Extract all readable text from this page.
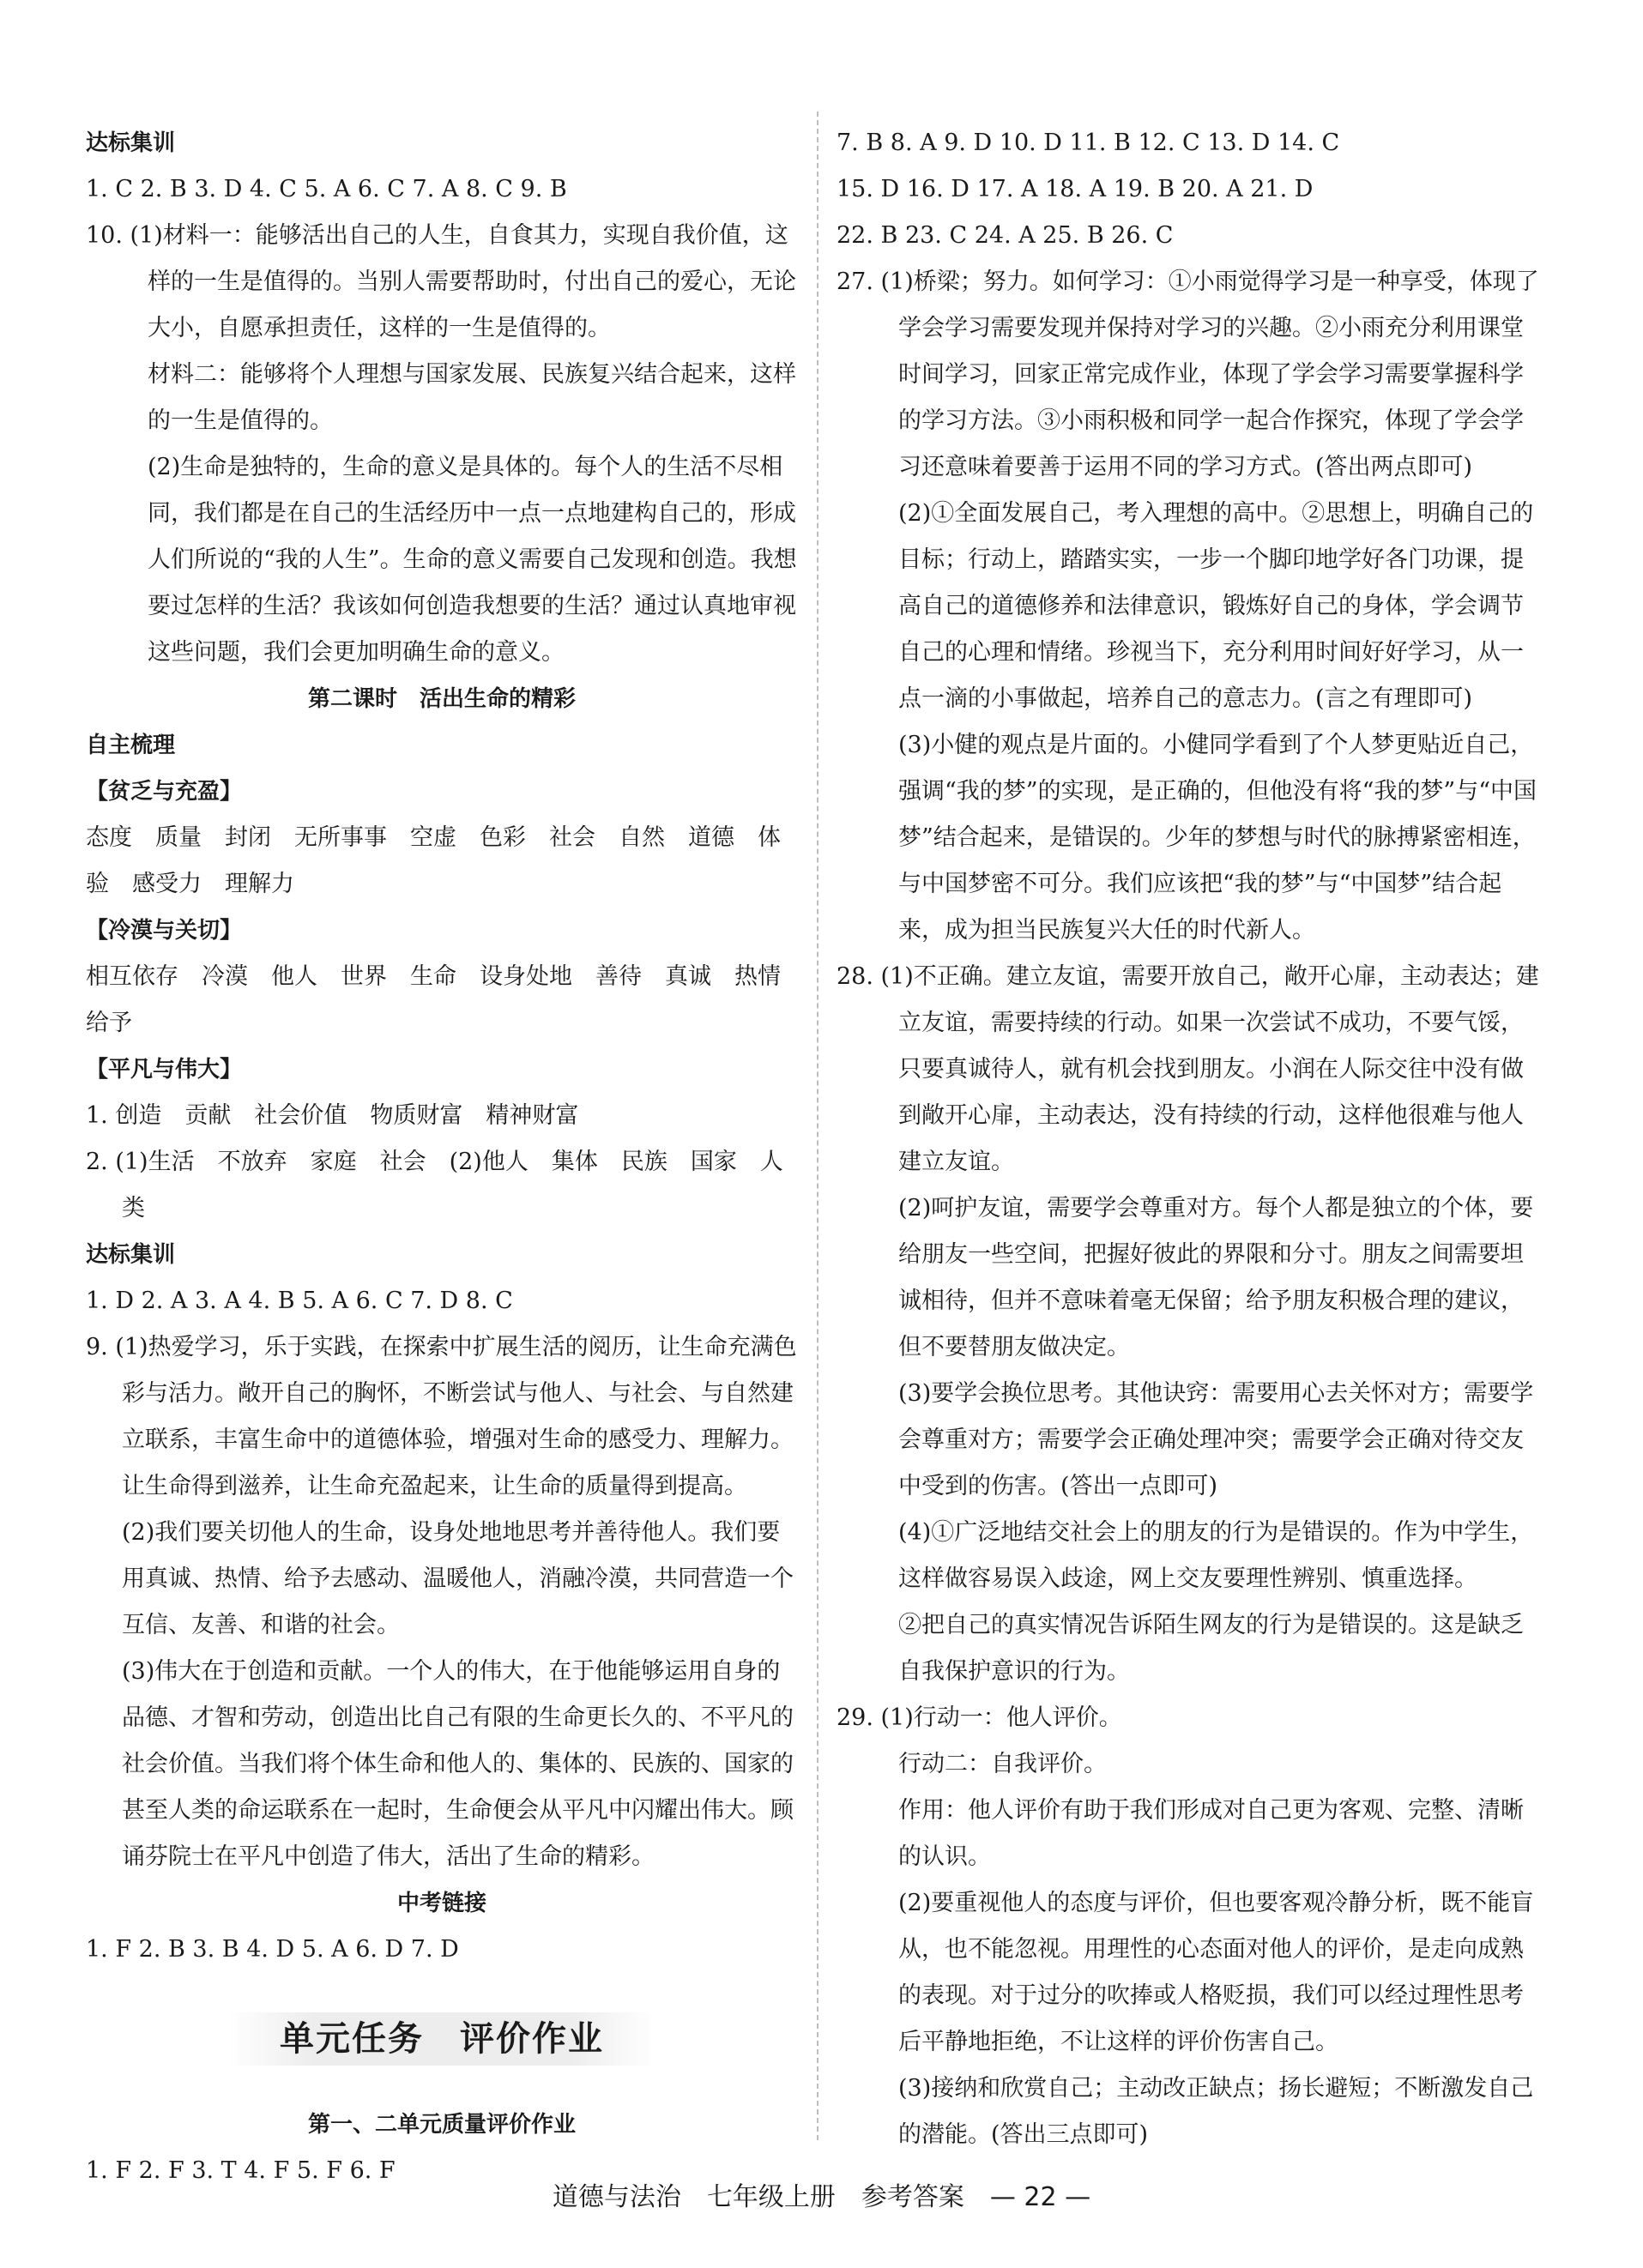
达标集训

1. C 2. B 3. D 4. C 5. A 6. C 7. A 8. C 9. B

10. (1)材料一：能够活出自己的人生，自食其力，实现自我价值，这样的一生是值得的。当别人需要帮助时，付出自己的爱心，无论大小，自愿承担责任，这样的一生是值得的。

材料二：能够将个人理想与国家发展、民族复兴结合起来，这样的一生是值得的。

(2)生命是独特的，生命的意义是具体的。每个人的生活不尽相同，我们都是在自己的生活经历中一点一点地建构自己的，形成人们所说的“我的人生”。生命的意义需要自己发现和创造。我想要过怎样的生活？我该如何创造我想要的生活？通过认真地审视这些问题，我们会更加明确生命的意义。

第二课时　活出生命的精彩

自主梳理

【贫乏与充盈】

态度　质量　封闭　无所事事　空虚　色彩　社会　自然　道德　体验　感受力　理解力

【冷漠与关切】

相互依存　冷漠　他人　世界　生命　设身处地　善待　真诚　热情　给予

【平凡与伟大】

1. 创造　贡献　社会价值　物质财富　精神财富

2. (1)生活　不放弃　家庭　社会　(2)他人　集体　民族　国家　人类

达标集训

1. D 2. A 3. A 4. B 5. A 6. C 7. D 8. C

9. (1)热爱学习，乐于实践，在探索中扩展生活的阅历，让生命充满色彩与活力。敞开自己的胸怀，不断尝试与他人、与社会、与自然建立联系，丰富生命中的道德体验，增强对生命的感受力、理解力。让生命得到滋养，让生命充盈起来，让生命的质量得到提高。

(2)我们要关切他人的生命，设身处地地思考并善待他人。我们要用真诚、热情、给予去感动、温暖他人，消融冷漠，共同营造一个互信、友善、和谐的社会。

(3)伟大在于创造和贡献。一个人的伟大，在于他能够运用自身的品德、才智和劳动，创造出比自己有限的生命更长久的、不平凡的社会价值。当我们将个体生命和他人的、集体的、民族的、国家的甚至人类的命运联系在一起时，生命便会从平凡中闪耀出伟大。顾诵芬院士在平凡中创造了伟大，活出了生命的精彩。

中考链接

1. F 2. B 3. B 4. D 5. A 6. D 7. D

单元任务　评价作业

第一、二单元质量评价作业

1. F 2. F 3. T 4. F 5. F 6. F

7. B 8. A 9. D 10. D 11. B 12. C 13. D 14. C

15. D 16. D 17. A 18. A 19. B 20. A 21. D

22. B 23. C 24. A 25. B 26. C

27. (1)桥梁；努力。如何学习：①小雨觉得学习是一种享受，体现了学会学习需要发现并保持对学习的兴趣。②小雨充分利用课堂时间学习，回家正常完成作业，体现了学会学习需要掌握科学的学习方法。③小雨积极和同学一起合作探究，体现了学会学习还意味着要善于运用不同的学习方式。(答出两点即可)

(2)①全面发展自己，考入理想的高中。②思想上，明确自己的目标；行动上，踏踏实实，一步一个脚印地学好各门功课，提高自己的道德修养和法律意识，锻炼好自己的身体，学会调节自己的心理和情绪。珍视当下，充分利用时间好好学习，从一点一滴的小事做起，培养自己的意志力。(言之有理即可)

(3)小健的观点是片面的。小健同学看到了个人梦更贴近自己，强调“我的梦”的实现，是正确的，但他没有将“我的梦”与“中国梦”结合起来，是错误的。少年的梦想与时代的脉搏紧密相连，与中国梦密不可分。我们应该把“我的梦”与“中国梦”结合起来，成为担当民族复兴大任的时代新人。

28. (1)不正确。建立友谊，需要开放自己，敞开心扉，主动表达；建立友谊，需要持续的行动。如果一次尝试不成功，不要气馁，只要真诚待人，就有机会找到朋友。小润在人际交往中没有做到敞开心扉，主动表达，没有持续的行动，这样他很难与他人建立友谊。

(2)呵护友谊，需要学会尊重对方。每个人都是独立的个体，要给朋友一些空间，把握好彼此的界限和分寸。朋友之间需要坦诚相待，但并不意味着毫无保留；给予朋友积极合理的建议，但不要替朋友做决定。

(3)要学会换位思考。其他诀窍：需要用心去关怀对方；需要学会尊重对方；需要学会正确处理冲突；需要学会正确对待交友中受到的伤害。(答出一点即可)

(4)①广泛地结交社会上的朋友的行为是错误的。作为中学生，这样做容易误入歧途，网上交友要理性辨别、慎重选择。

②把自己的真实情况告诉陌生网友的行为是错误的。这是缺乏自我保护意识的行为。

29. (1)行动一：他人评价。

行动二：自我评价。

作用：他人评价有助于我们形成对自己更为客观、完整、清晰的认识。

(2)要重视他人的态度与评价，但也要客观冷静分析，既不能盲从，也不能忽视。用理性的心态面对他人的评价，是走向成熟的表现。对于过分的吹捧或人格贬损，我们可以经过理性思考后平静地拒绝，不让这样的评价伤害自己。

(3)接纳和欣赏自己；主动改正缺点；扬长避短；不断激发自己的潜能。(答出三点即可)

道德与法治　七年级上册　参考答案　— 22 —
